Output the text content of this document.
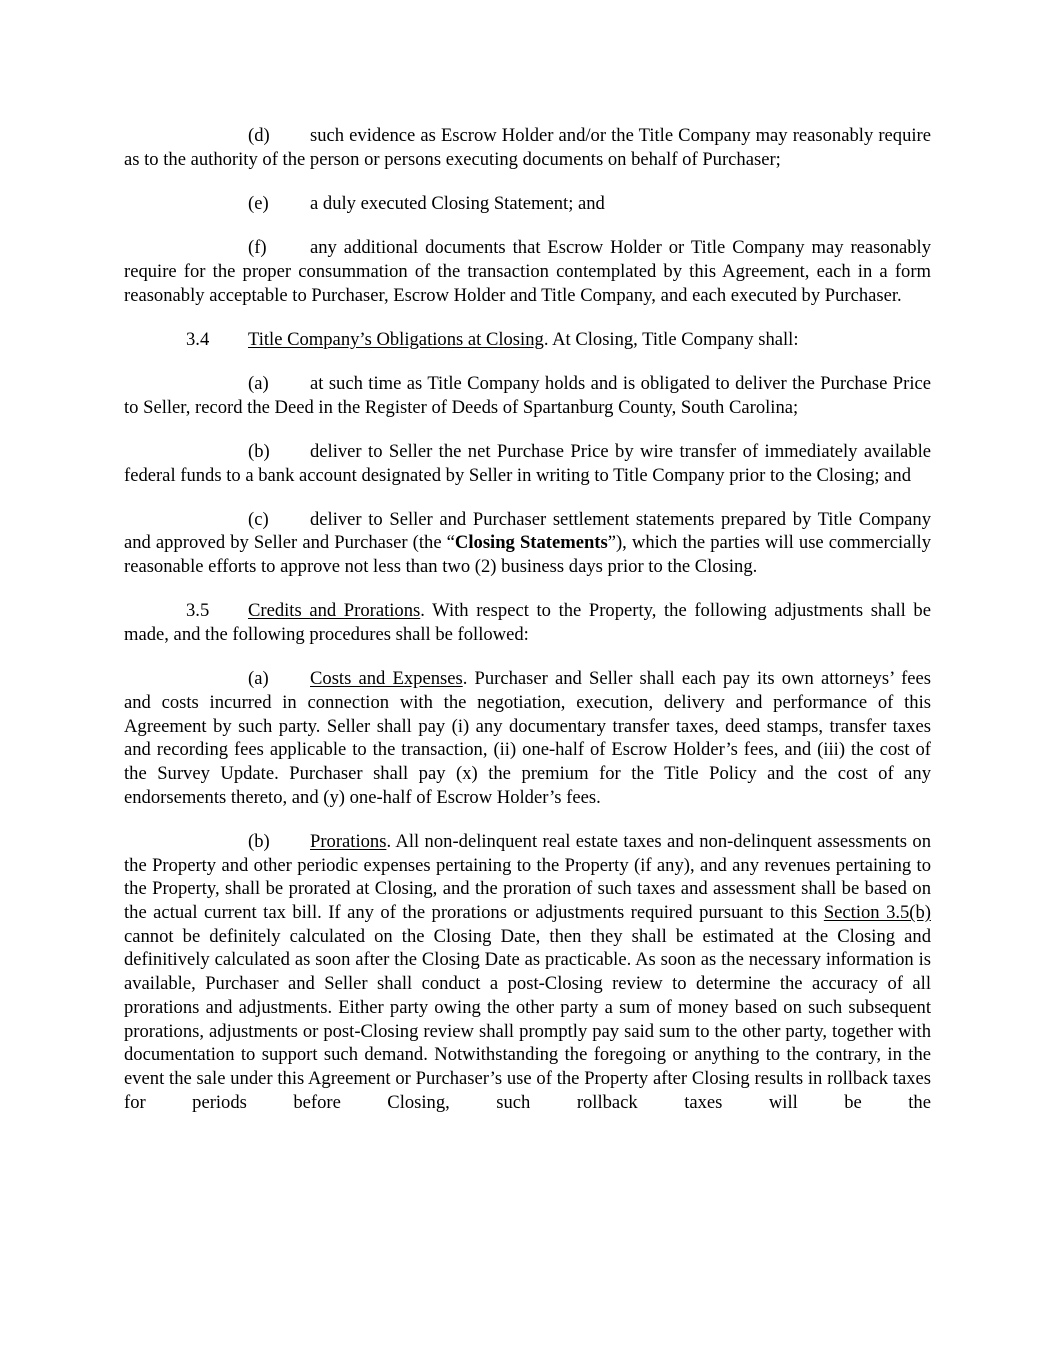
(d) such evidence as Escrow Holder and/or the Title Company may reasonably require as to the authority of the person or persons executing documents on behalf of Purchaser;

(e) a duly executed Closing Statement; and

(f) any additional documents that Escrow Holder or Title Company may reasonably require for the proper consummation of the transaction contemplated by this Agreement, each in a form reasonably acceptable to Purchaser, Escrow Holder and Title Company, and each executed by Purchaser.

3.4 Title Company’s Obligations at Closing. At Closing, Title Company shall:

(a) at such time as Title Company holds and is obligated to deliver the Purchase Price to Seller, record the Deed in the Register of Deeds of Spartanburg County, South Carolina;

(b) deliver to Seller the net Purchase Price by wire transfer of immediately available federal funds to a bank account designated by Seller in writing to Title Company prior to the Closing; and

(c) deliver to Seller and Purchaser settlement statements prepared by Title Company and approved by Seller and Purchaser (the “Closing Statements”), which the parties will use commercially reasonable efforts to approve not less than two (2) business days prior to the Closing.

3.5 Credits and Prorations. With respect to the Property, the following adjustments shall be made, and the following procedures shall be followed:

(a) Costs and Expenses. Purchaser and Seller shall each pay its own attorneys’ fees and costs incurred in connection with the negotiation, execution, delivery and performance of this Agreement by such party. Seller shall pay (i) any documentary transfer taxes, deed stamps, transfer taxes and recording fees applicable to the transaction, (ii) one-half of Escrow Holder’s fees, and (iii) the cost of the Survey Update. Purchaser shall pay (x) the premium for the Title Policy and the cost of any endorsements thereto, and (y) one-half of Escrow Holder’s fees.

(b) Prorations. All non-delinquent real estate taxes and non-delinquent assessments on the Property and other periodic expenses pertaining to the Property (if any), and any revenues pertaining to the Property, shall be prorated at Closing, and the proration of such taxes and assessment shall be based on the actual current tax bill. If any of the prorations or adjustments required pursuant to this Section 3.5(b) cannot be definitely calculated on the Closing Date, then they shall be estimated at the Closing and definitively calculated as soon after the Closing Date as practicable. As soon as the necessary information is available, Purchaser and Seller shall conduct a post-Closing review to determine the accuracy of all prorations and adjustments. Either party owing the other party a sum of money based on such subsequent prorations, adjustments or post-Closing review shall promptly pay said sum to the other party, together with documentation to support such demand. Notwithstanding the foregoing or anything to the contrary, in the event the sale under this Agreement or Purchaser’s use of the Property after Closing results in rollback taxes for periods before Closing, such rollback taxes will be the
